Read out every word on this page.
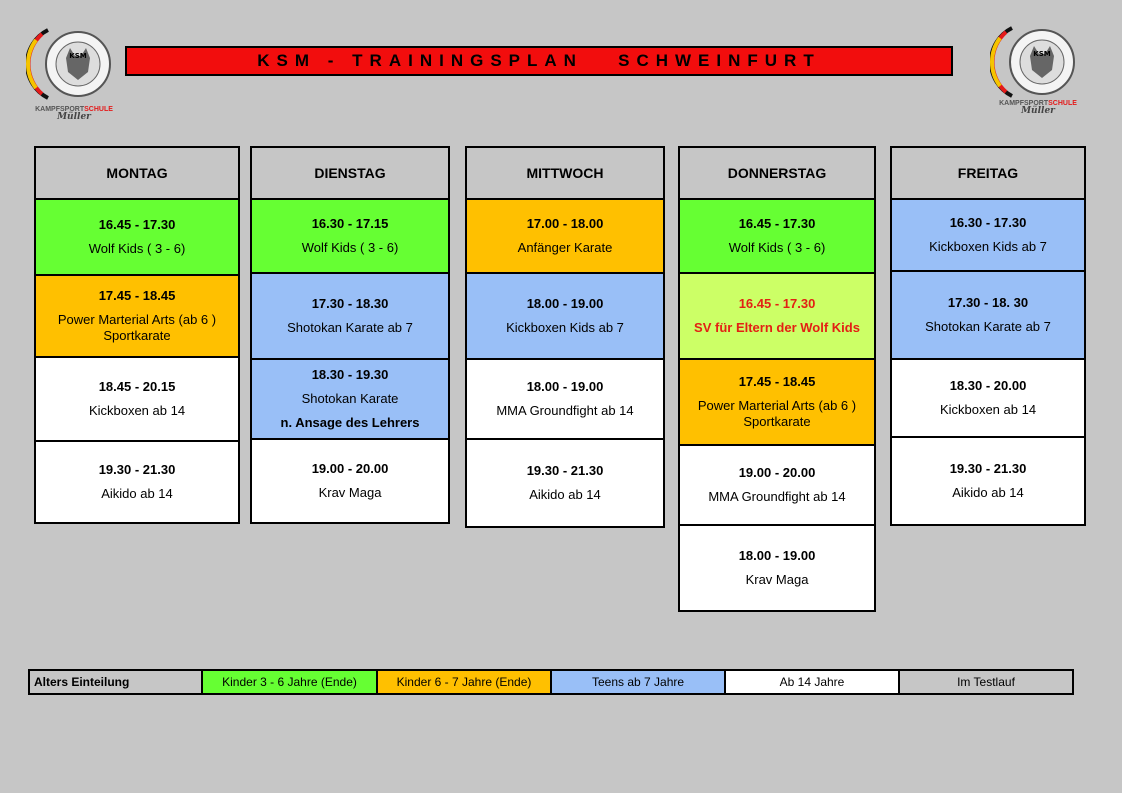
KSM
KAMPFSPORTSCHULE
Müller
KSM
KAMPFSPORTSCHULE
Müller
KSM - TRAININGSPLAN   SCHWEINFURT
MONTAG
16.45 - 17.30
Wolf Kids ( 3 - 6)
17.45 - 18.45
Power Marterial Arts (ab 6 )
Sportkarate
18.45 - 20.15
Kickboxen ab 14
19.30 - 21.30
Aikido ab 14
DIENSTAG
16.30 - 17.15
Wolf Kids ( 3 - 6)
17.30 - 18.30
Shotokan Karate ab 7
18.30 - 19.30
Shotokan Karate
n. Ansage des Lehrers
19.00 - 20.00
Krav Maga
MITTWOCH
17.00 - 18.00
Anfänger Karate
18.00 - 19.00
Kickboxen Kids ab 7
18.00 - 19.00
MMA Groundfight ab 14
19.30 - 21.30
Aikido ab 14
DONNERSTAG
16.45 - 17.30
Wolf Kids ( 3 - 6)
16.45 - 17.30
SV für Eltern der Wolf Kids
17.45 - 18.45
Power Marterial Arts (ab 6 )
Sportkarate
19.00 - 20.00
MMA Groundfight ab 14
18.00 - 19.00
Krav Maga
FREITAG
16.30 - 17.30
Kickboxen Kids ab 7
17.30 - 18. 30
Shotokan Karate ab 7
18.30 - 20.00
Kickboxen ab 14
19.30 - 21.30
Aikido ab 14
Alters Einteilung	Kinder 3 - 6 Jahre (Ende)	Kinder 6 - 7 Jahre (Ende)	Teens ab 7 Jahre	Ab 14 Jahre	Im Testlauf
